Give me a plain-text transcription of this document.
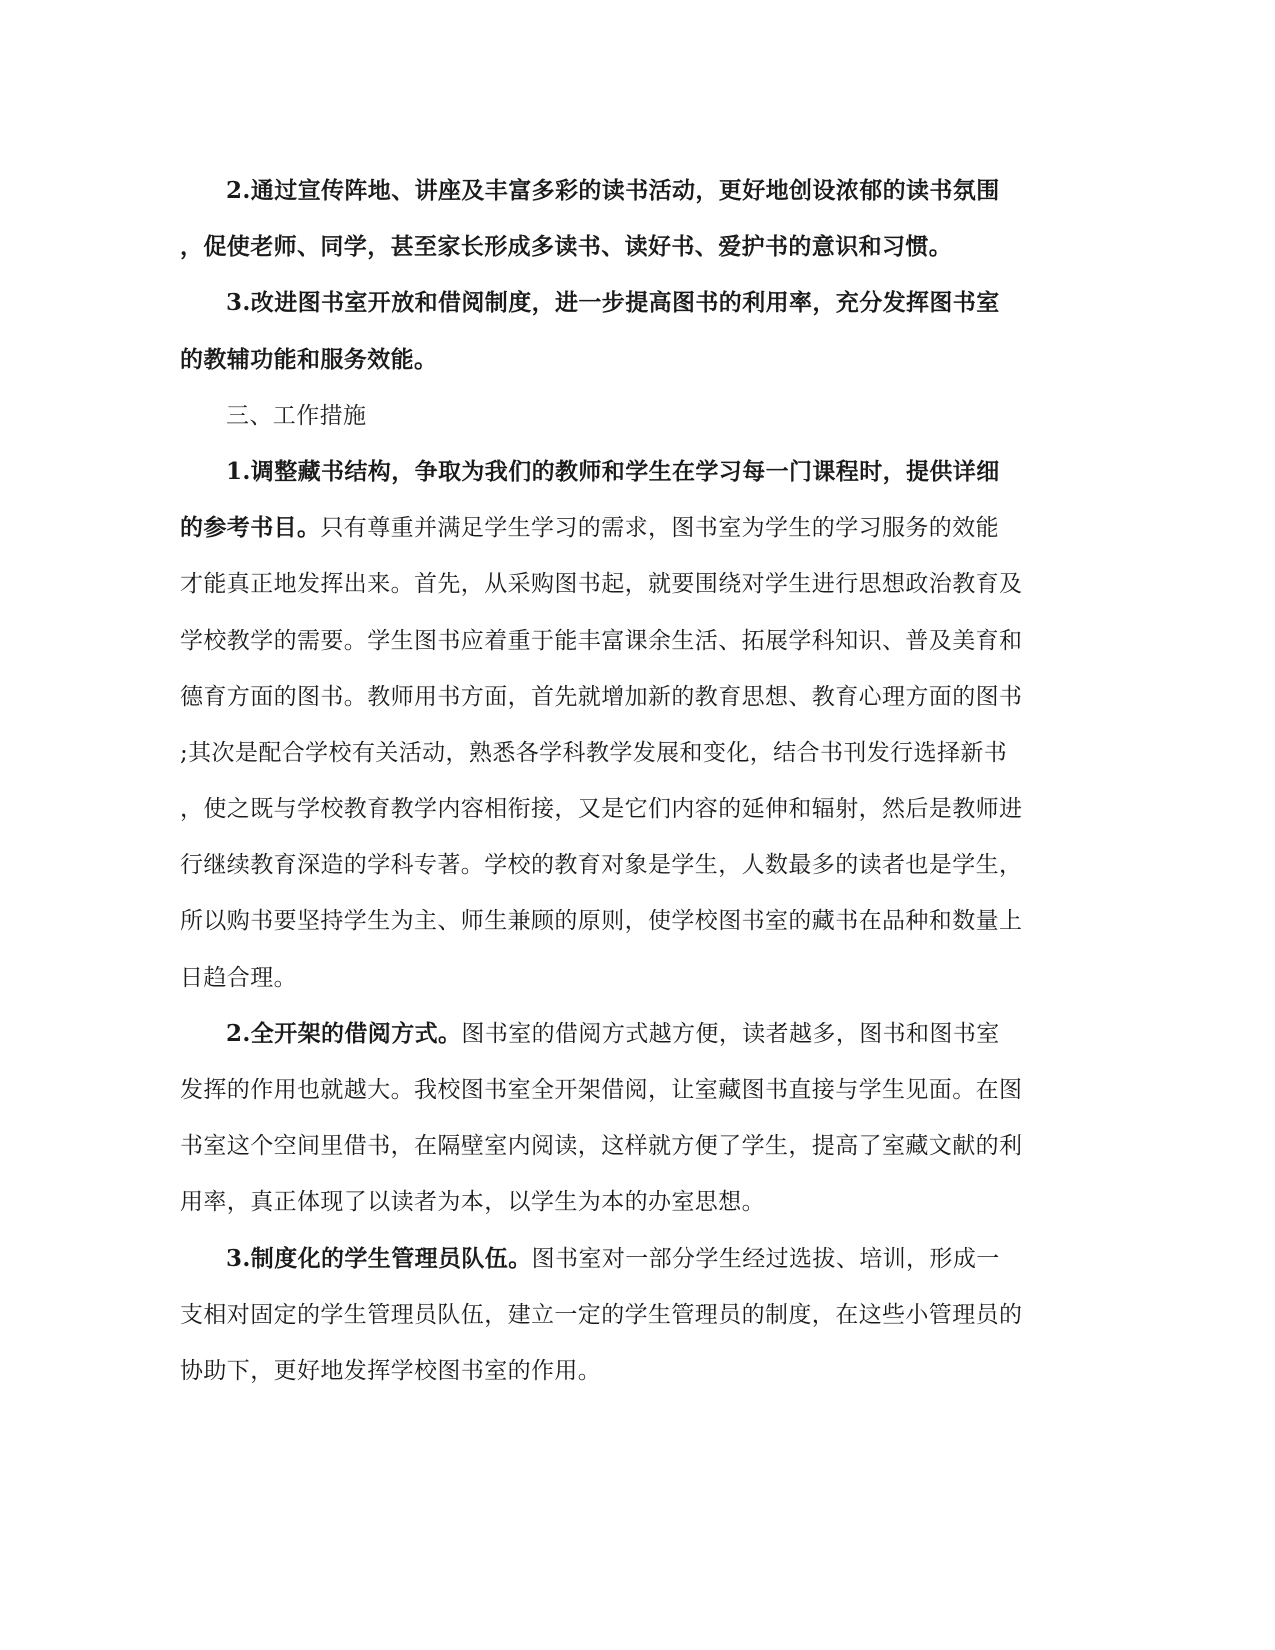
2.通过宣传阵地、讲座及丰富多彩的读书活动，更好地创设浓郁的读书氛围
，促使老师、同学，甚至家长形成多读书、读好书、爱护书的意识和习惯。
3.改进图书室开放和借阅制度，进一步提高图书的利用率，充分发挥图书室
的教辅功能和服务效能。
三、工作措施
1.调整藏书结构，争取为我们的教师和学生在学习每一门课程时，提供详细
的参考书目。只有尊重并满足学生学习的需求，图书室为学生的学习服务的效能
才能真正地发挥出来。首先，从采购图书起，就要围绕对学生进行思想政治教育及
学校教学的需要。学生图书应着重于能丰富课余生活、拓展学科知识、普及美育和
德育方面的图书。教师用书方面，首先就增加新的教育思想、教育心理方面的图书
;其次是配合学校有关活动，熟悉各学科教学发展和变化，结合书刊发行选择新书
，使之既与学校教育教学内容相衔接，又是它们内容的延伸和辐射，然后是教师进
行继续教育深造的学科专著。学校的教育对象是学生，人数最多的读者也是学生，
所以购书要坚持学生为主、师生兼顾的原则，使学校图书室的藏书在品种和数量上
日趋合理。
2.全开架的借阅方式。图书室的借阅方式越方便，读者越多，图书和图书室
发挥的作用也就越大。我校图书室全开架借阅，让室藏图书直接与学生见面。在图
书室这个空间里借书，在隔壁室内阅读，这样就方便了学生，提高了室藏文献的利
用率，真正体现了以读者为本，以学生为本的办室思想。
3.制度化的学生管理员队伍。图书室对一部分学生经过选拔、培训，形成一
支相对固定的学生管理员队伍，建立一定的学生管理员的制度，在这些小管理员的
协助下，更好地发挥学校图书室的作用。
